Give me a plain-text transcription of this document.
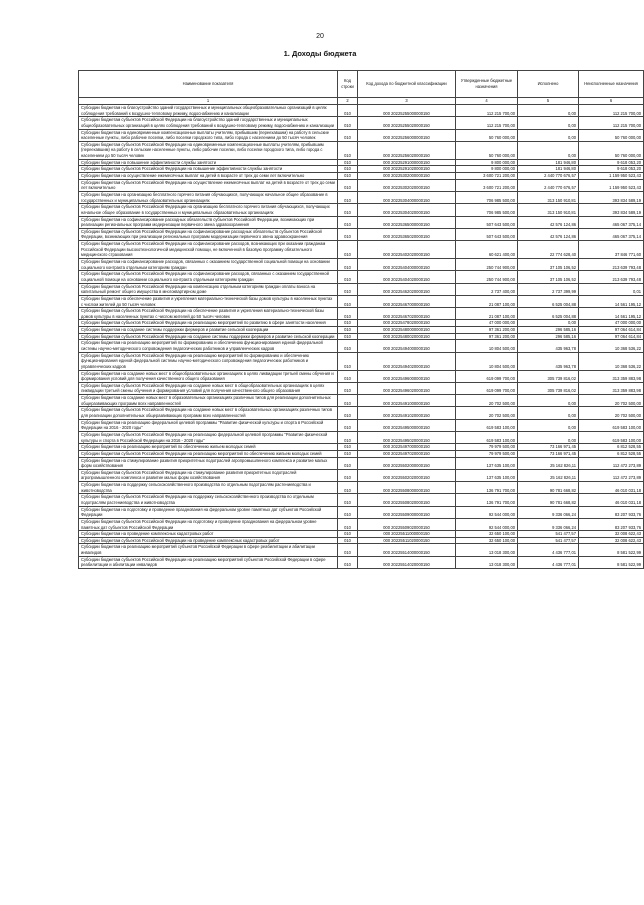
20
1. Доходы бюджета
Наименование показателя	Код строки	Код дохода по бюджетной классификации	Утвержденные бюджетные назначения	Исполнено	Неисполненные назначения
1	2	3	4	5	6
Субсидии бюджетам на благоустройство зданий государственных и муниципальных общеобразовательных организаций в целях соблюдения требований к воздушно-тепловому режиму, водоснабжению и канализации	010	000 20225255000000150	112 215 700,00	0,00	112 215 700,00
Субсидии бюджетам субъектов Российской Федерации на благоустройство зданий государственных и муниципальных общеобразовательных организаций в целях соблюдения требований к воздушно-тепловому режиму, водоснабжению и канализации	010	000 20225255020000150	112 215 700,00	0,00	112 215 700,00
Субсидии бюджетам на единовременные компенсационные выплаты учителям, прибывшим (переехавшим) на работу в сельские населенные пункты, либо рабочие поселки, либо поселки городского типа, либо города с населением до 50 тысяч человек	010	000 20225256000000150	50 760 000,00	0,00	50 760 000,00
Субсидии бюджетам субъектов Российской Федерации на единовременные компенсационные выплаты учителям, прибывшим (переехавшим) на работу в сельские населенные пункты, либо рабочие поселки, либо поселки городского типа, либо города с населением до 50 тысяч человек	010	000 20225256020000150	50 760 000,00	0,00	50 760 000,00
Субсидии бюджетам на повышение эффективности службы занятости	010	000 20225291000000150	9 800 000,00	181 946,80	9 618 053,20
Субсидии бюджетам субъектов Российской Федерации на повышение эффективности службы занятости	010	000 20225291020000150	9 800 000,00	181 946,80	9 618 053,20
Субсидии бюджетам на осуществление ежемесячных выплат на детей в возрасте от трех до семи лет включительно	010	000 20225302000000150	3 600 721 200,00	2 440 770 676,57	1 159 950 523,43
Субсидии бюджетам субъектов Российской Федерации на осуществление ежемесячных выплат на детей в возрасте от трех до семи лет включительно	010	000 20225302020000150	3 600 721 200,00	2 440 770 676,57	1 159 950 523,43
Субсидии бюджетам на организацию бесплатного горячего питания обучающихся, получающих начальное общее образование в государственных и муниципальных образовательных организациях	010	000 20225304000000150	706 985 500,00	313 150 910,81	393 834 589,19
Субсидии бюджетам субъектов Российской Федерации на организацию бесплатного горячего питания обучающихся, получающих начальное общее образование в государственных и муниципальных образовательных организациях	010	000 20225304020000150	706 985 500,00	313 150 910,81	393 834 589,19
Субсидии бюджетам на софинансирование расходных обязательств субъектов Российской Федерации, возникающих при реализации региональных программ модернизации первичного звена здравоохранения	010	000 20225365000000150	507 643 500,00	42 576 124,86	465 067 375,14
Субсидии бюджетам субъектов Российской Федерации на софинансирование расходных обязательств субъектов Российской Федерации, возникающих при реализации региональных программ модернизации первичного звена здравоохранения	010	000 20225365020000150	507 643 500,00	42 576 124,86	465 067 375,14
Субсидии бюджетам субъектов Российской Федерации на софинансирование расходов, возникающих при оказании гражданам Российской Федерации высокотехнологичной медицинской помощи, не включенной в базовую программу обязательного медицинского страхования	010	000 20225402020000150	60 621 400,00	22 774 628,40	37 846 771,60
Субсидии бюджетам на софинансирование расходов, связанных с оказанием государственной социальной помощи на основании социального контракта отдельным категориям граждан	010	000 20225404000000150	250 744 900,00	37 105 106,52	213 639 793,48
Субсидии бюджетам субъектов Российской Федерации на софинансирование расходов, связанных с оказанием государственной социальной помощи на основании социального контракта отдельным категориям граждан	010	000 20225404020000150	250 744 900,00	37 105 106,52	213 639 793,48
Субсидии бюджетам субъектов Российской Федерации на компенсацию отдельным категориям граждан оплаты взноса на капитальный ремонт общего имущества в многоквартирном доме	010	000 20225462020000150	2 737 400,00	2 737 399,99	0,01
Субсидии бюджетам на обеспечение развития и укрепления материально-технической базы домов культуры в населенных пунктах с числом жителей до 50 тысяч человек	010	000 20225467000000150	21 087 100,00	6 525 004,88	14 561 195,12
Субсидии бюджетам субъектов Российской Федерации на обеспечение развития и укрепления материально-технической базы домов культуры в населенных пунктах с числом жителей до 50 тысяч человек	010	000 20225467020000150	21 087 100,00	6 525 004,88	14 561 195,12
Субсидии бюджетам субъектов Российской Федерации на реализацию мероприятий по развитию в сфере занятости населения	010	000 20225478020000150	47 000 000,00	0,00	47 000 000,00
Субсидии бюджетам на создание системы поддержки фермеров и развитие сельской кооперации	010	000 20225480000000150	97 361 200,00	296 585,16	97 064 614,84
Субсидии бюджетам субъектов Российской Федерации на создание системы поддержки фермеров и развитие сельской кооперации	010	000 20225480020000150	97 361 200,00	296 585,16	97 064 614,84
Субсидии бюджетам на реализацию мероприятий по формированию и обеспечению функционирования единой федеральной системы научно-методического сопровождения педагогических работников и управленческих кадров	010	000 20225494000000150	10 804 500,00	435 963,78	10 368 536,22
Субсидии бюджетам субъектов Российской Федерации на реализацию мероприятий по формированию и обеспечению функционирования единой федеральной системы научно-методического сопровождения педагогических работников и управленческих кадров	010	000 20225494020000150	10 804 500,00	435 963,78	10 368 536,22
Субсидии бюджетам на создание новых мест в общеобразовательных организациях в целях ликвидации третьей смены обучения и формирования условий для получения качественного общего образования	010	000 20225496000000150	619 099 700,00	305 739 816,02	313 359 883,98
Субсидии бюджетам субъектов Российской Федерации на создание новых мест в общеобразовательных организациях в целях ликвидации третьей смены обучения и формирования условий для получения качественного общего образования	010	000 20225496020000150	619 099 700,00	305 739 816,02	313 359 883,98
Субсидии бюджетам на создание новых мест в образовательных организациях различных типов для реализации дополнительных общеразвивающих программ всех направленностей	010	000 20225491000000150	20 702 500,00	0,00	20 702 500,00
Субсидии бюджетам субъектов Российской Федерации на создание новых мест в образовательных организациях различных типов для реализации дополнительных общеразвивающих программ всех направленностей	010	000 20225491020000150	20 702 500,00	0,00	20 702 500,00
Субсидии бюджетам на реализацию федеральной целевой программы "Развитие физической культуры и спорта в Российской Федерации на 2016 - 2020 годы"	010	000 20225495000000150	619 583 100,00	0,00	619 583 100,00
Субсидии бюджетам субъектов Российской Федерации на реализацию федеральной целевой программы "Развитие физической культуры и спорта в Российской Федерации на 2016 - 2020 годы"	010	000 20225495020000150	619 583 100,00	0,00	619 583 100,00
Субсидии бюджетам на реализацию мероприятий по обеспечению жильем молодых семей	010	000 20225497000000150	79 979 500,00	73 166 971,45	6 812 528,55
Субсидии бюджетам субъектов Российской Федерации на реализацию мероприятий по обеспечению жильем молодых семей	010	000 20225497020000150	79 979 500,00	73 166 971,45	6 812 528,55
Субсидии бюджетам на стимулирование развития приоритетных подотраслей агропромышленного комплекса и развитие малых форм хозяйствования	010	000 20225502000000150	137 635 100,00	25 162 826,11	112 472 273,89
Субсидии бюджетам субъектов Российской Федерации на стимулирование развития приоритетных подотраслей агропромышленного комплекса и развитие малых форм хозяйствования	010	000 20225502020000150	137 635 100,00	25 162 826,11	112 472 273,89
Субсидии бюджетам на поддержку сельскохозяйственного производства по отдельным подотраслям растениеводства и животноводства	010	000 20225508000000150	136 791 700,00	90 781 668,82	46 010 031,18
Субсидии бюджетам субъектов Российской Федерации на поддержку сельскохозяйственного производства по отдельным подотраслям растениеводства и животноводства	010	000 20225508020000150	136 791 700,00	90 781 668,82	46 010 031,18
Субсидии бюджетам на подготовку и проведение празднования на федеральном уровне памятных дат субъектов Российской Федерации	010	000 20225509000000150	92 544 000,00	9 336 066,24	83 207 933,76
Субсидии бюджетам субъектов Российской Федерации на подготовку и проведение празднования на федеральном уровне памятных дат субъектов Российской Федерации	010	000 20225509020000150	92 544 000,00	9 336 066,24	83 207 933,76
Субсидии бюджетам на проведение комплексных кадастровых работ	010	000 20225511000000150	32 650 100,00	541 477,57	32 008 622,43
Субсидии бюджетам субъектов Российской Федерации на проведение комплексных кадастровых работ	010	000 20225511020000150	32 650 100,00	541 477,57	32 008 622,43
Субсидии бюджетам на реализацию мероприятий субъектов Российской Федерации в сфере реабилитации и абилитации инвалидов	010	000 20225514000000150	13 018 300,00	4 436 777,01	8 581 522,99
Субсидии бюджетам субъектов Российской Федерации на реализацию мероприятий субъектов Российской Федерации в сфере реабилитации и абилитации инвалидов	010	000 20225514020000150	13 018 300,00	4 436 777,01	8 581 522,99
